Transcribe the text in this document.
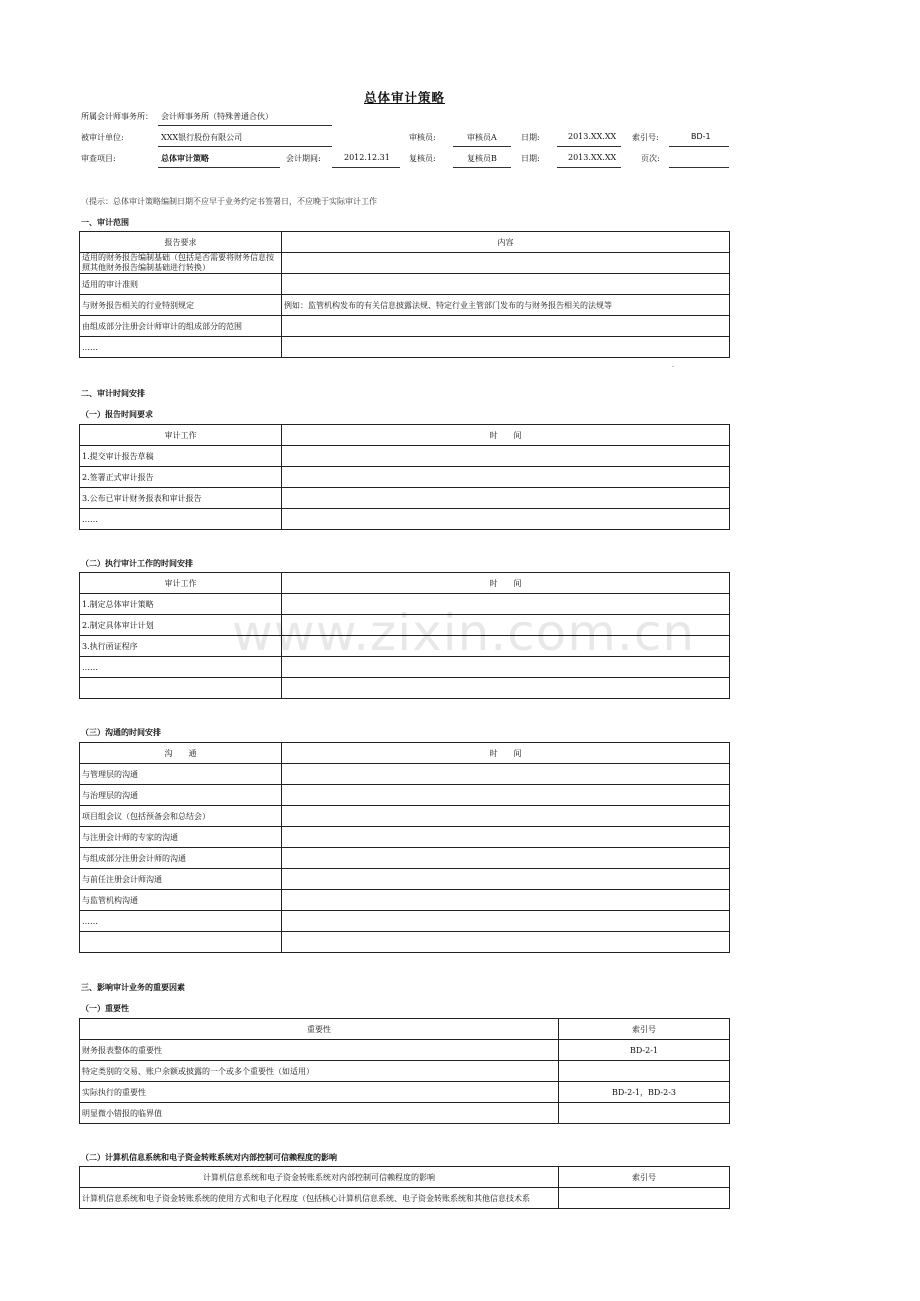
总体审计策略
所属会计师事务所： 会计师事务所（特殊普通合伙）
被审计单位:	XXX银行股份有限公司	审核员:	审核员A	日期:	2013.XX.XX 索引号:	BD-1
审查项目:	总体审计策略	会计期间:	2012.12.31 复核员:	复核员B	日期:	2013.XX.XX	页次:
（提示：总体审计策略编制日期不应早于业务约定书签署日，不应晚于实际审计工作
一、审计范围
报告要求	内容
适用的财务报告编制基础（包括是否需要将财务信息按照其他财务报告编制基础进行转换）	
适用的审计准则	
与财务报告相关的行业特别规定	例如：监管机构发布的有关信息披露法规、特定行业主管部门发布的与财务报告相关的法规等
由组成部分注册会计师审计的组成部分的范围	
……	
.
二、审计时间安排
（一）报告时间要求
审计工作	时　　间
1.提交审计报告草稿	
2.签署正式审计报告	
3.公布已审计财务报表和审计报告	
……	
（二）执行审计工作的时间安排
审计工作	时　　间
1.制定总体审计策略	
2.制定具体审计计划	
3.执行函证程序	
……	

（三）沟通的时间安排
沟　　通	时　　间
与管理层的沟通	
与治理层的沟通	
项目组会议（包括预备会和总结会）	
与注册会计师的专家的沟通	
与组成部分注册会计师的沟通	
与前任注册会计师沟通	
与监管机构沟通	
……	

三、影响审计业务的重要因素
（一）重要性
重要性	索引号
财务报表整体的重要性	BD-2-1
特定类别的交易、账户余额或披露的一个或多个重要性（如适用）	
实际执行的重要性	BD-2-1，BD-2-3
明显微小错报的临界值	
（二）计算机信息系统和电子资金转账系统对内部控制可信赖程度的影响
计算机信息系统和电子资金转账系统对内部控制可信赖程度的影响	索引号
计算机信息系统和电子资金转账系统的使用方式和电子化程度（包括核心计算机信息系统、电子资金转账系统和其他信息技术系	
www.zixin.com.cn
